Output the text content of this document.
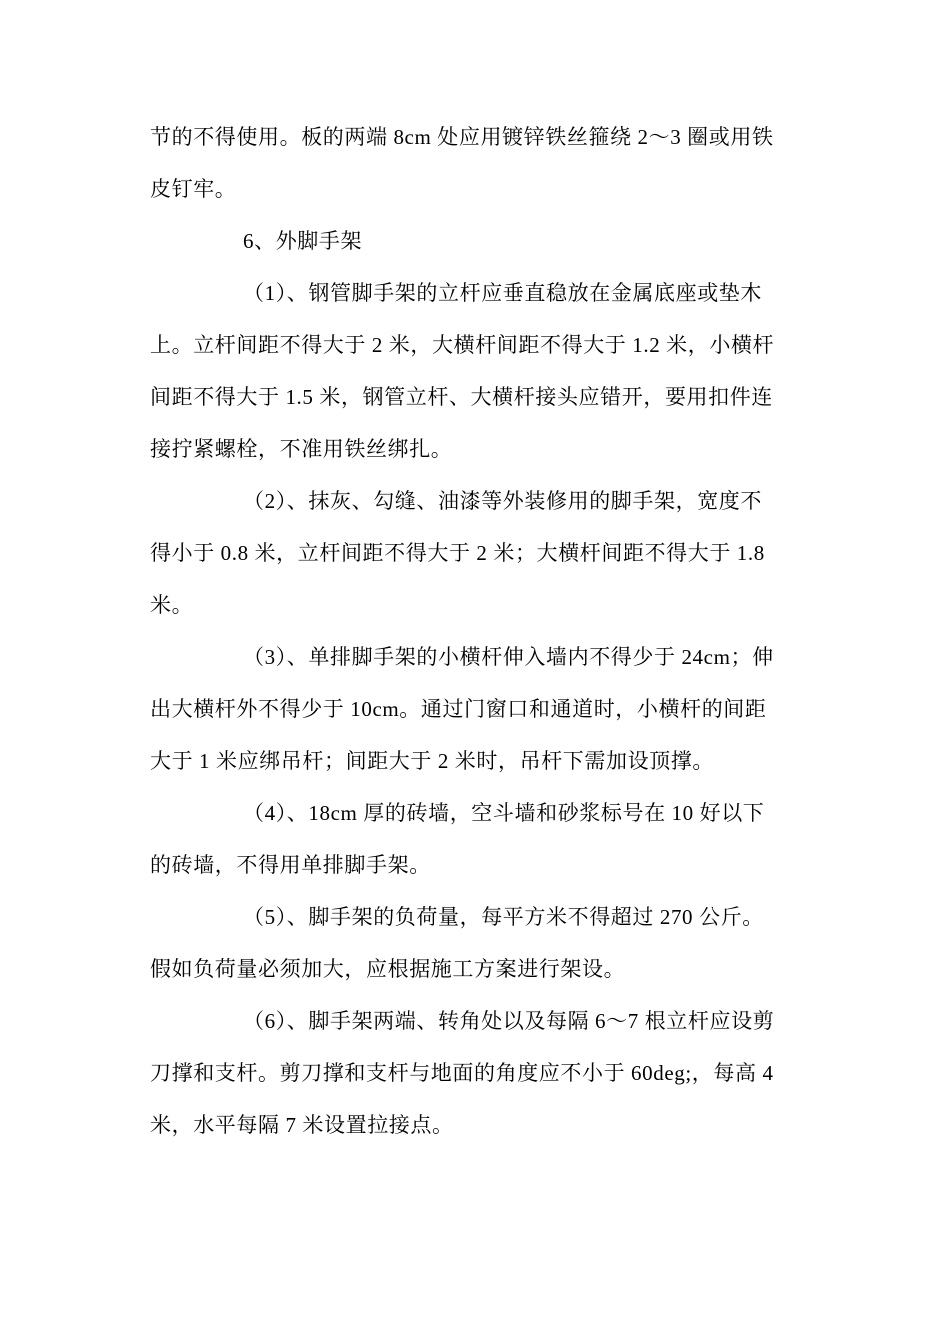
节的不得使用。板的两端 8cm 处应用镀锌铁丝箍绕 2～3 圈或用铁
皮钉牢。
6、外脚手架
（1）、钢管脚手架的立杆应垂直稳放在金属底座或垫木
上。立杆间距不得大于 2 米，大横杆间距不得大于 1.2 米，小横杆
间距不得大于 1.5 米，钢管立杆、大横杆接头应错开，要用扣件连
接拧紧螺栓，不准用铁丝绑扎。
（2）、抹灰、勾缝、油漆等外装修用的脚手架，宽度不
得小于 0.8 米，立杆间距不得大于 2 米；大横杆间距不得大于 1.8
米。
（3）、单排脚手架的小横杆伸入墙内不得少于 24cm；伸
出大横杆外不得少于 10cm。通过门窗口和通道时，小横杆的间距
大于 1 米应绑吊杆；间距大于 2 米时，吊杆下需加设顶撑。
（4）、18cm 厚的砖墙，空斗墙和砂浆标号在 10 好以下
的砖墙，不得用单排脚手架。
（5）、脚手架的负荷量，每平方米不得超过 270 公斤。
假如负荷量必须加大，应根据施工方案进行架设。
（6）、脚手架两端、转角处以及每隔 6～7 根立杆应设剪
刀撑和支杆。剪刀撑和支杆与地面的角度应不小于 60deg;，每高 4
米，水平每隔 7 米设置拉接点。
